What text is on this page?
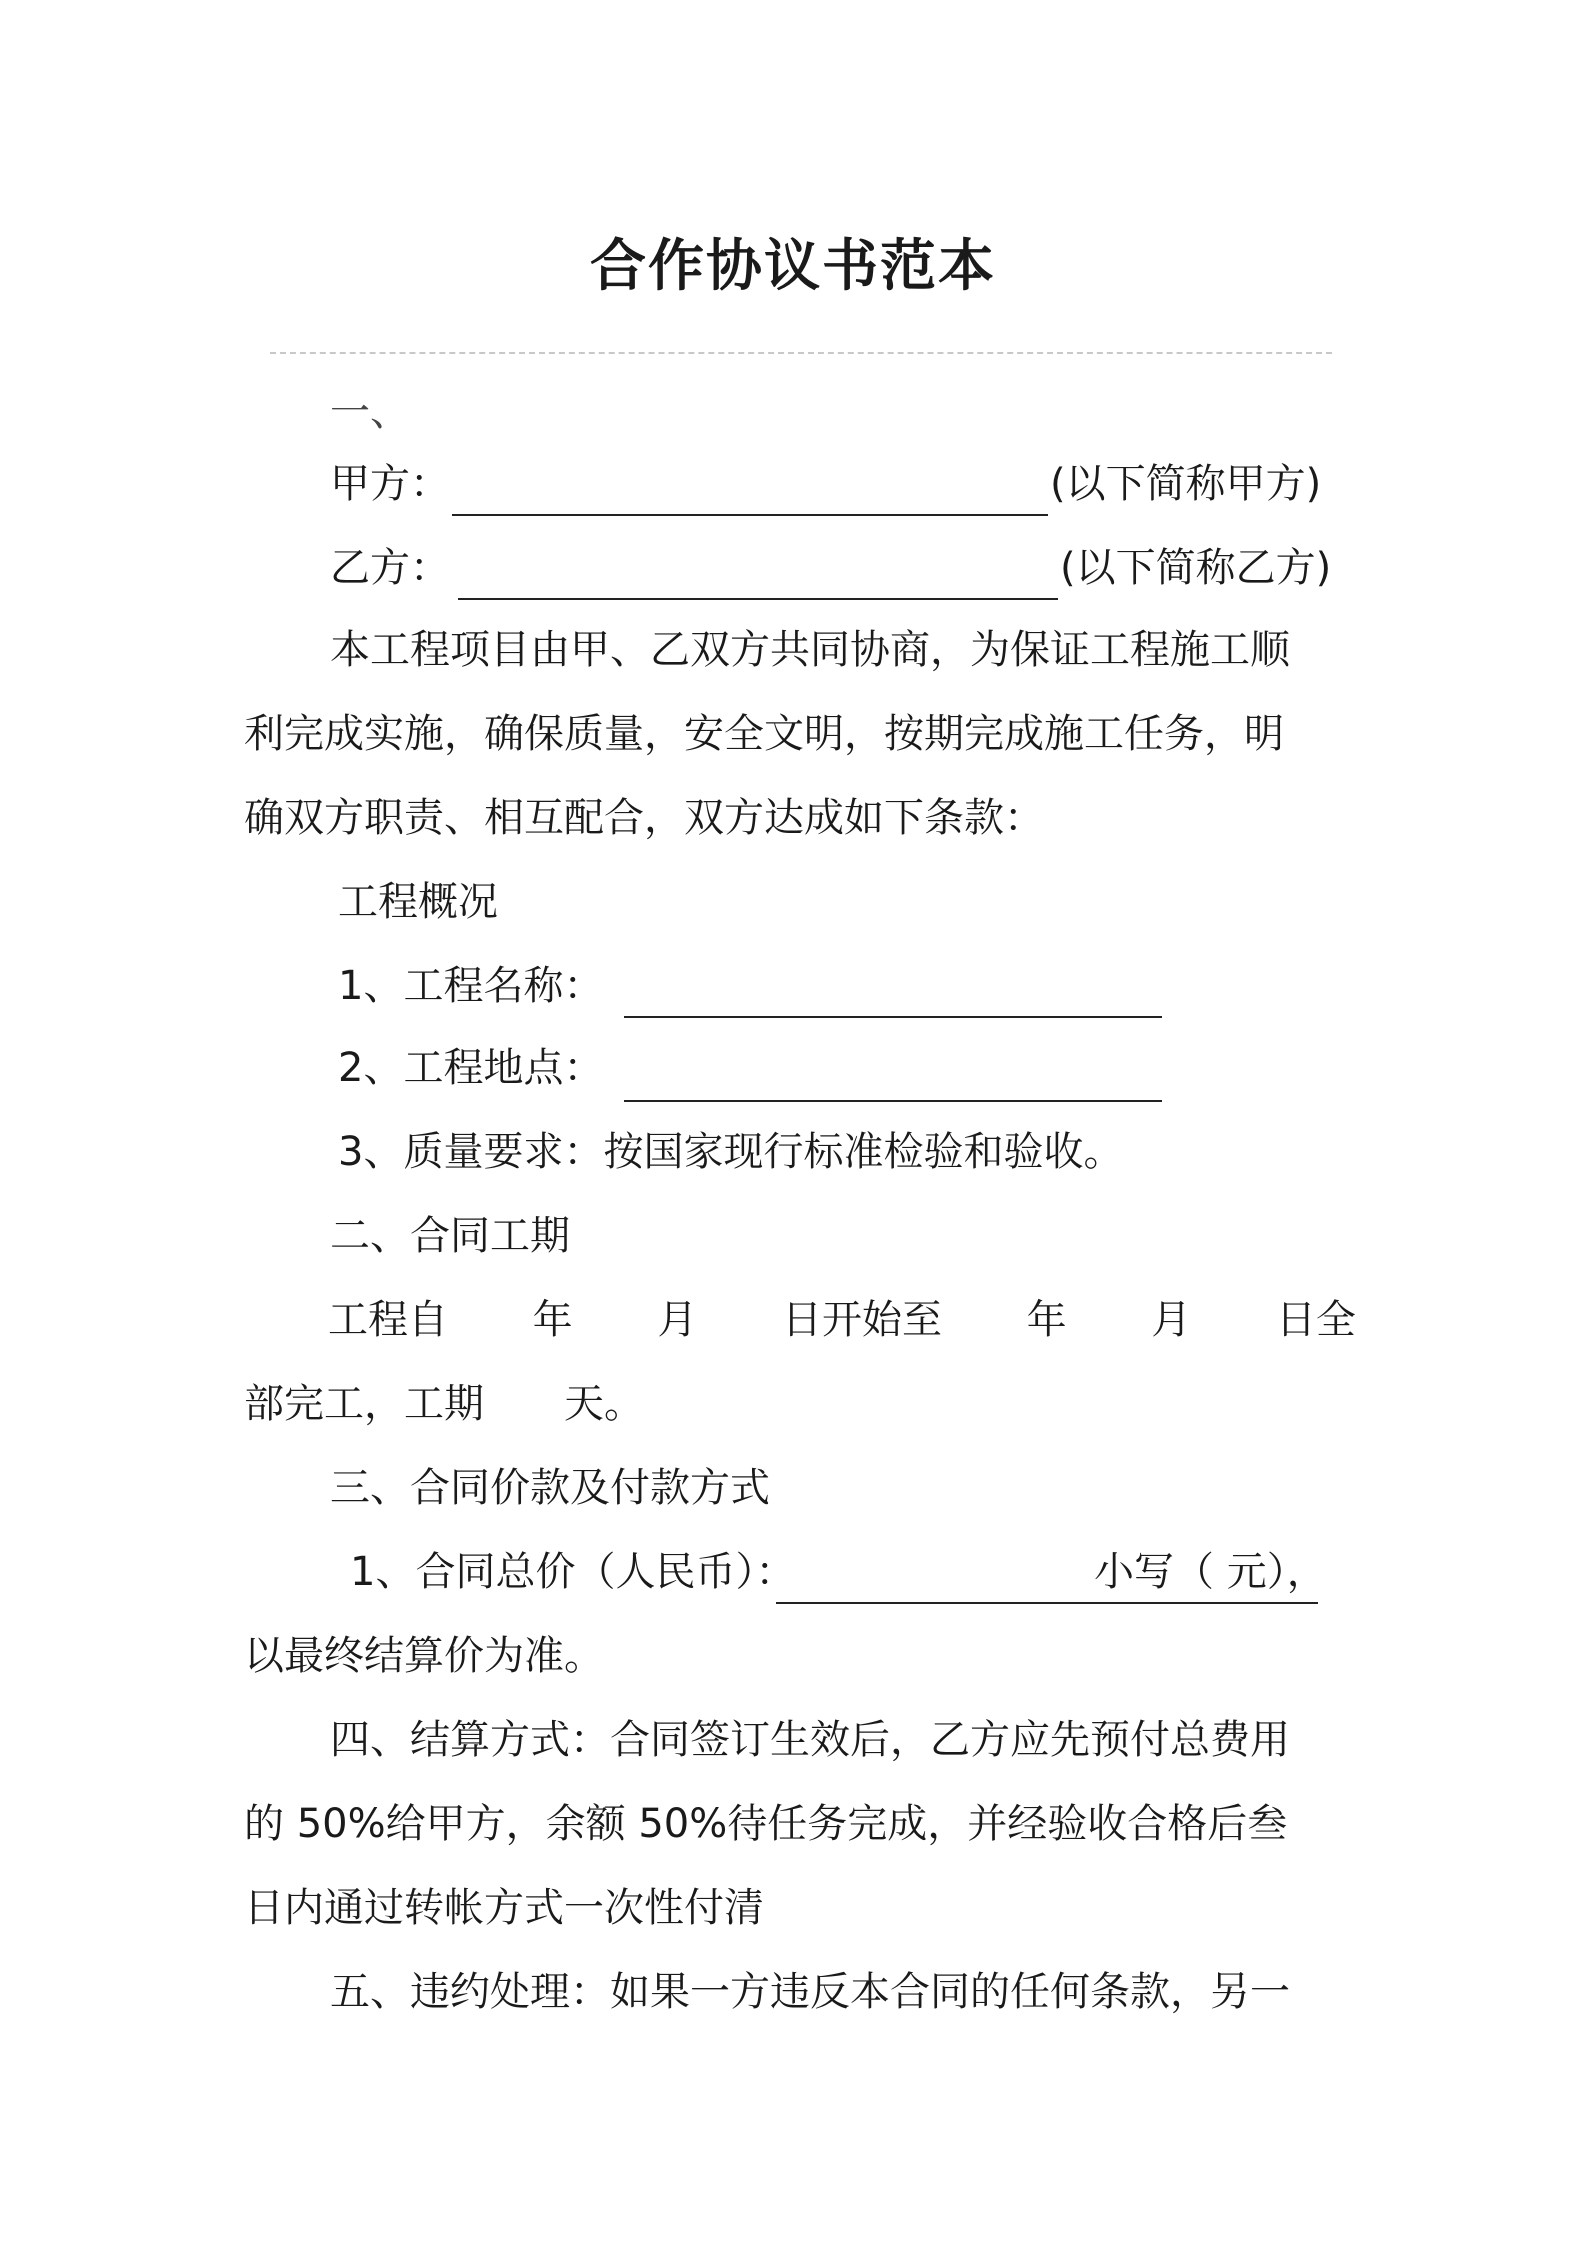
合作协议书范本
一、
甲方：	(以下简称甲方)
乙方：	(以下简称乙方)
本工程项目由甲、乙双方共同协商，为保证工程施工顺
利完成实施，确保质量，安全文明，按期完成施工任务，明
确双方职责、相互配合，双方达成如下条款：
工程概况
1、工程名称：
2、工程地点：
3、质量要求：按国家现行标准检验和验收。
二、合同工期
工程自 年 月 日开始至 年 月 日全
部完工，工期　　天。
三、合同价款及付款方式
1、合同总价（人民币）：	小写（ 元），
以最终结算价为准。
四、结算方式：合同签订生效后，乙方应先预付总费用
的 50%给甲方，余额 50%待任务完成，并经验收合格后叁
日内通过转帐方式一次性付清
五、违约处理：如果一方违反本合同的任何条款，另一
